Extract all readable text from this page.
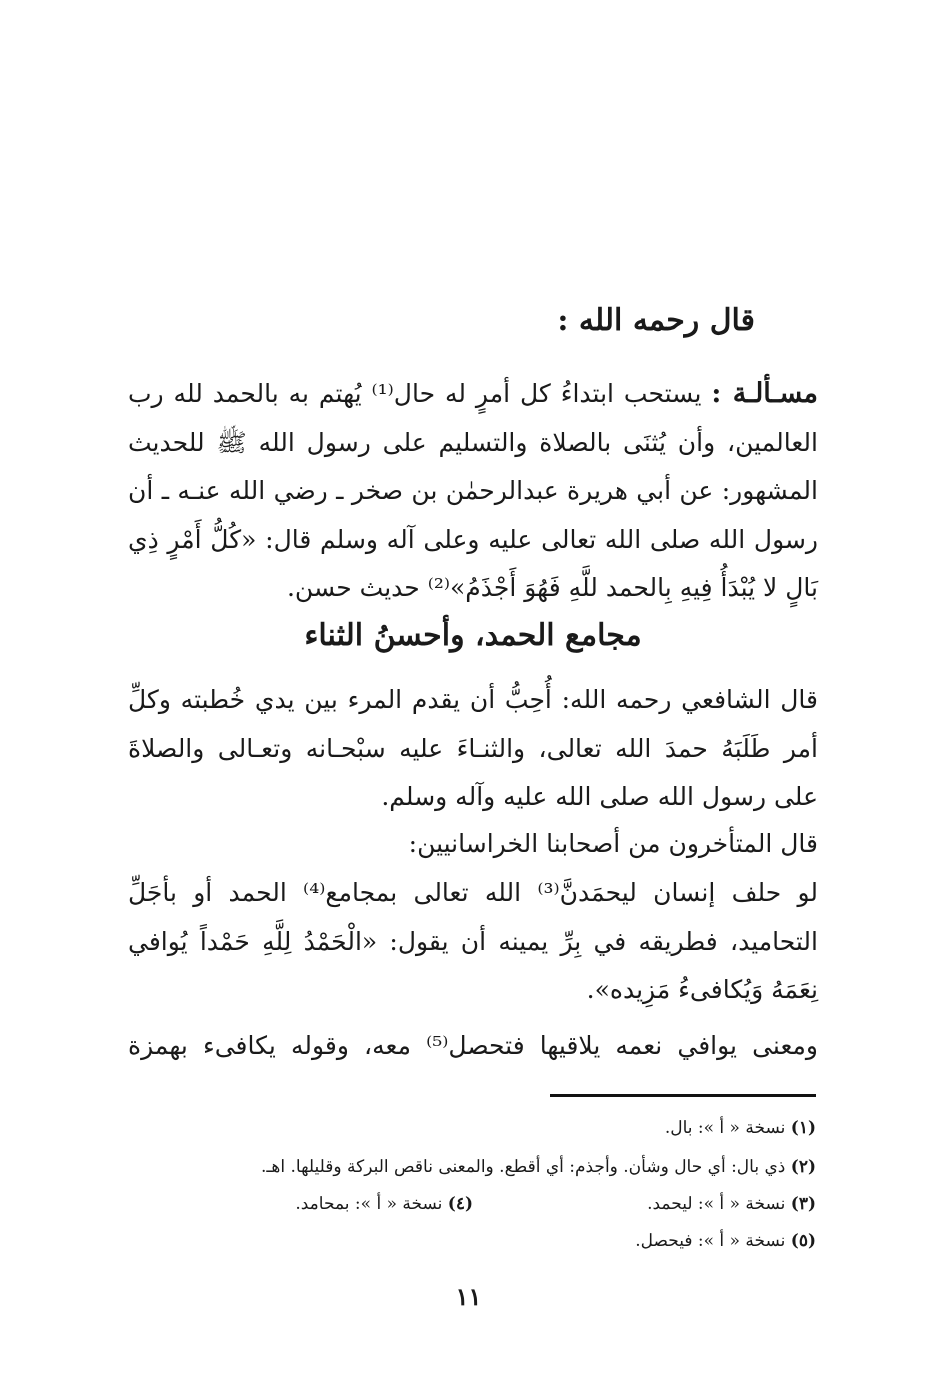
قال رحمه الله :
مسـألـة : يستحب ابتداءُ كل أمرٍ له حال⁽¹⁾ يُهتم به بالحمد لله رب العالمين، وأن يُثنَى بالصلاة والتسليم على رسول الله ﷺ للحديث المشهور: عن أبي هريرة عبدالرحمٰن بن صخر ـ رضي الله عنـه ـ أن رسول الله صلى الله تعالى عليه وعلى آله وسلم قال: «كُلُّ أَمْرٍ ذِي بَالٍ لا يُبْدَأُ فِيهِ بِالحمد للَّهِ فَهُوَ أَجْذَمُ»⁽²⁾ حديث حسن.
مجامع الحمد، وأحسنُ الثناء
قال الشافعي رحمه الله: أُحِبُّ أن يقدم المرء بين يدي خُطبته وكلِّ أمر طَلَبَهُ حمدَ الله تعالى، والثنـاءَ عليه سبْحـانه وتعـالى والصلاةَ على رسول الله صلى الله عليه وآله وسلم.
قال المتأخرون من أصحابنا الخراسانيين:
لو حلف إنسان ليحمَدنَّ⁽³⁾ الله تعالى بمجامع⁽⁴⁾ الحمد أو بأجَلِّ التحاميد، فطريقه في بِرِّ يمينه أن يقول: «الْحَمْدُ لِلَّهِ حَمْداً يُوافي نِعَمَهُ وَيُكافىءُ مَزِيده».
ومعنى يوافي نعمه يلاقيها فتحصل⁽⁵⁾ معه، وقوله يكافىء بهمزة
(١) نسخة « أ »: بال.
(٢) ذي بال: أي حال وشأن. وأجذم: أي أقطع. والمعنى ناقص البركة وقليلها. اهـ.
(٣) نسخة « أ »: ليحمد.
(٤) نسخة « أ »: بمحامد.
(٥) نسخة « أ »: فيحصل.
١١
